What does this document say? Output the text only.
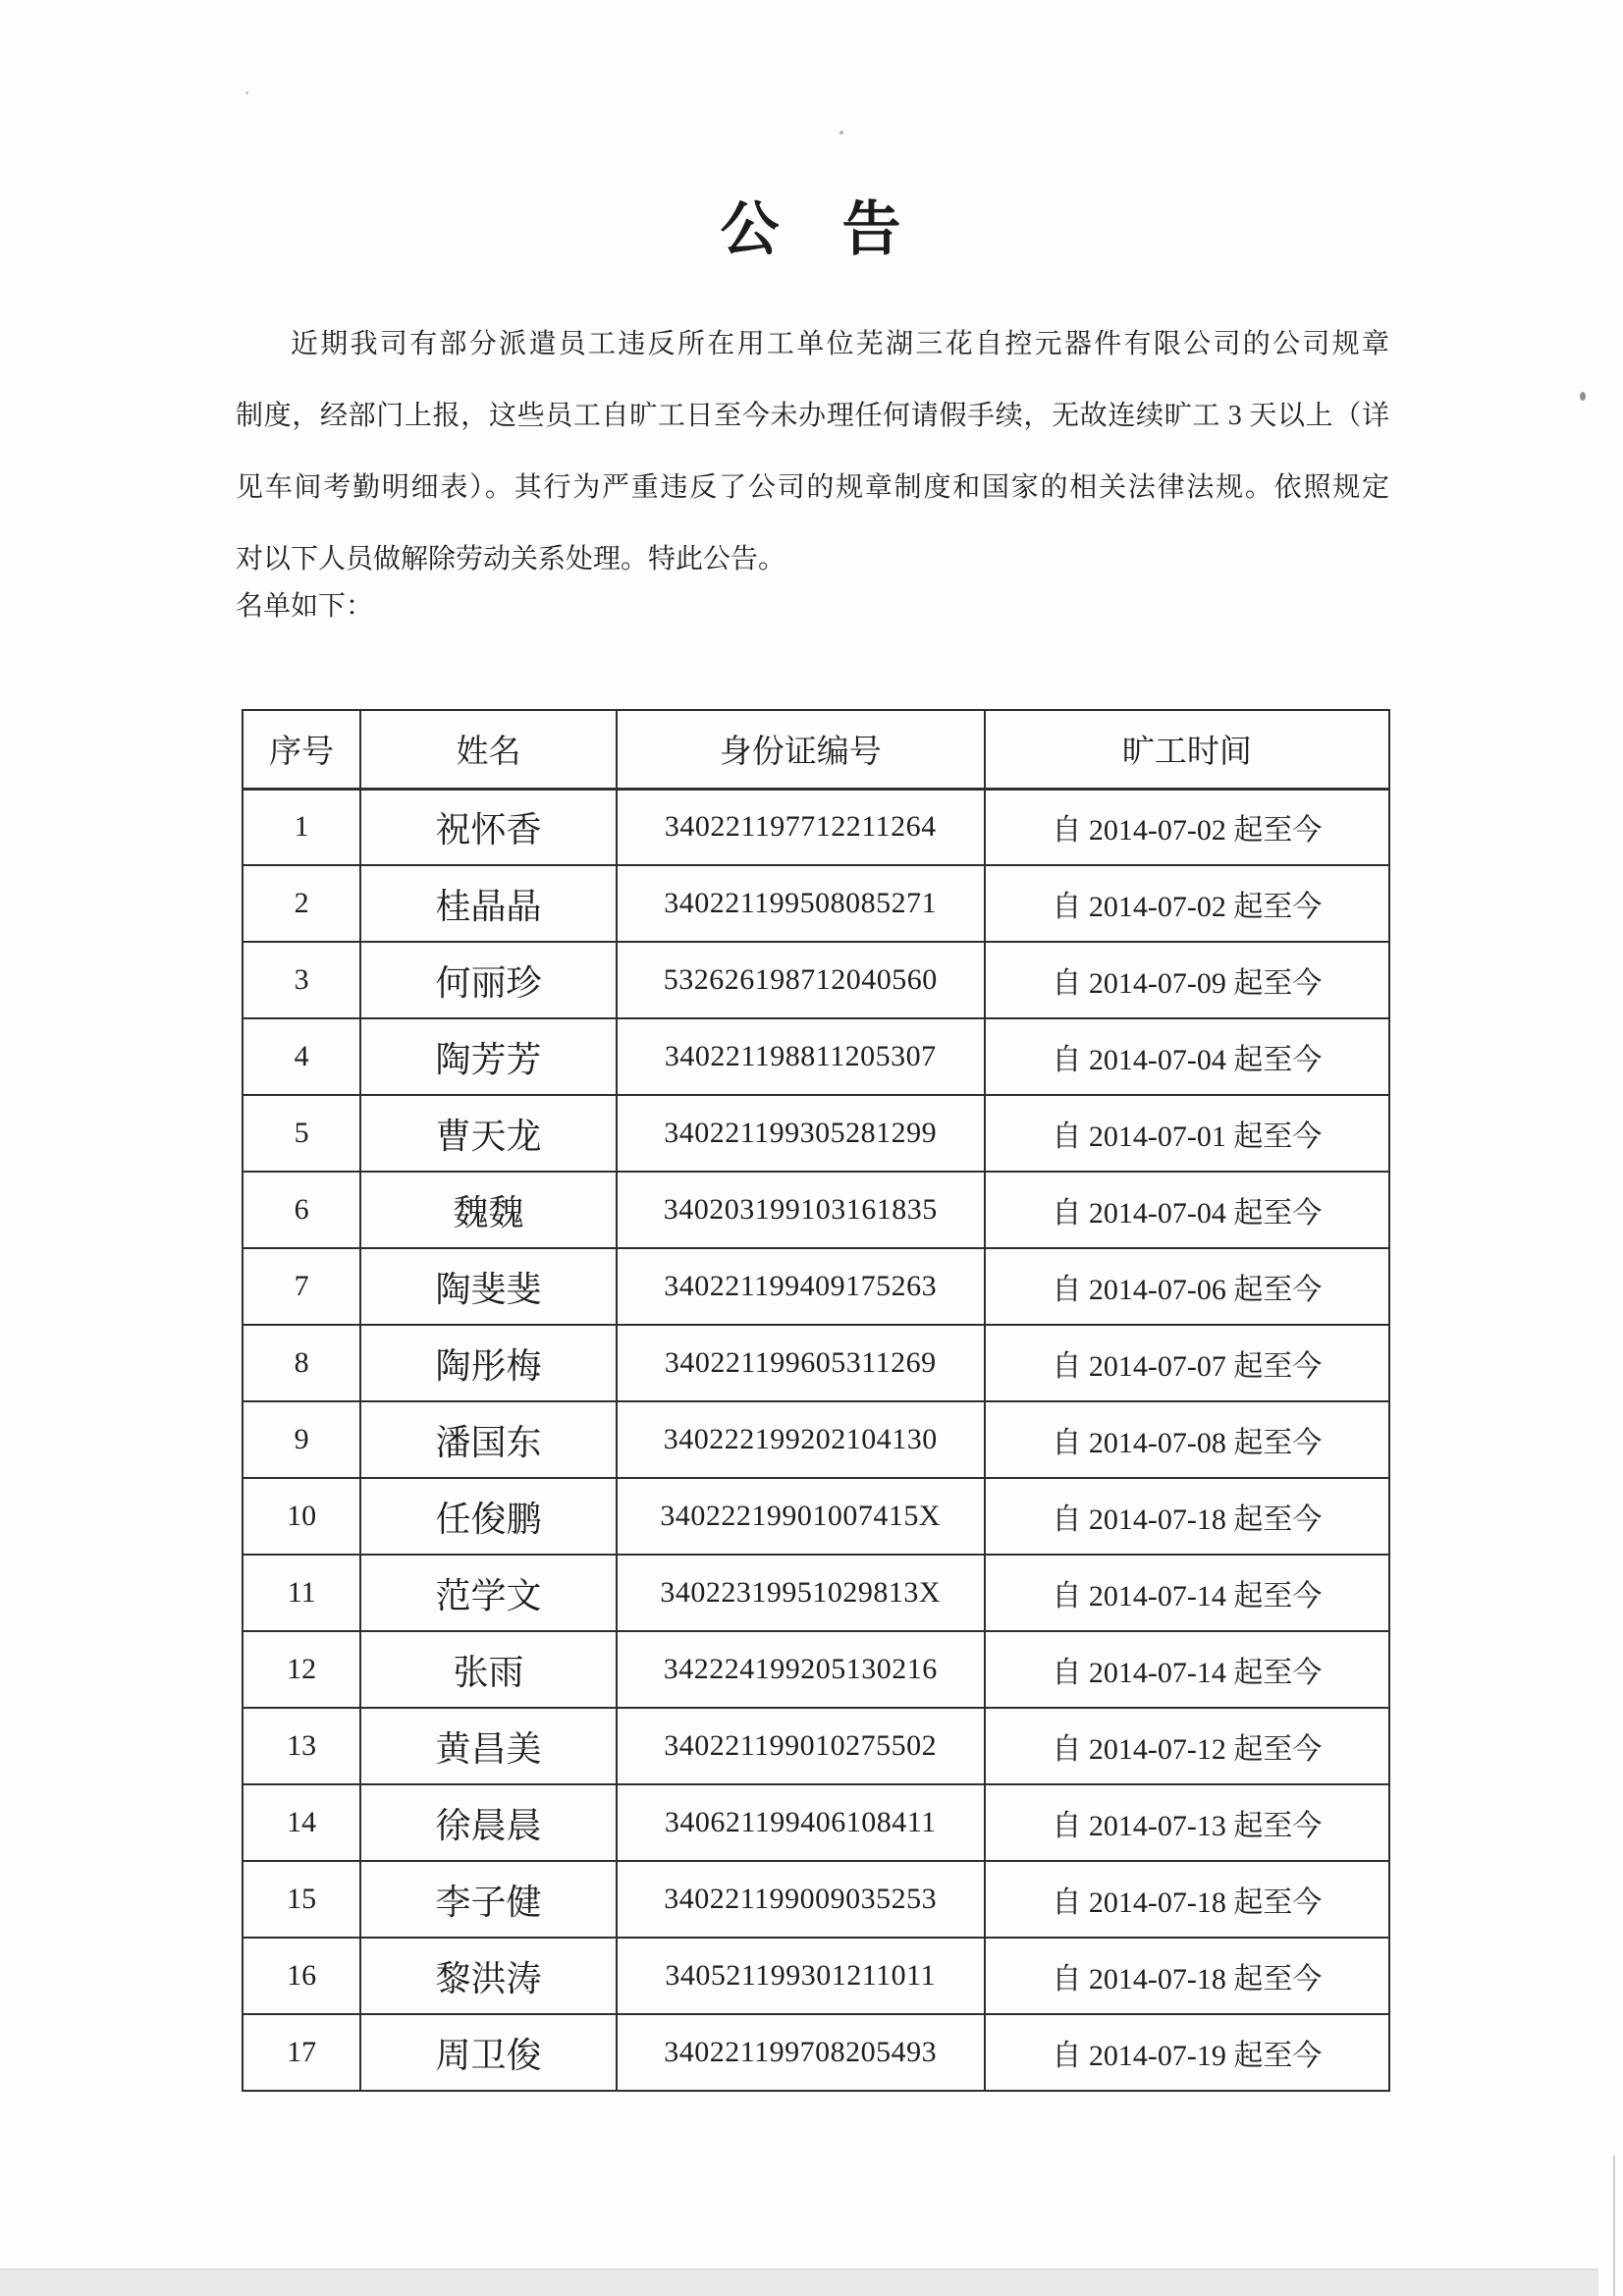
公　告
近期我司有部分派遣员工违反所在用工单位芜湖三花自控元器件有限公司的公司规章
制度，经部门上报，这些员工自旷工日至今未办理任何请假手续，无故连续旷工 3 天以上（详
见车间考勤明细表）。其行为严重违反了公司的规章制度和国家的相关法律法规。依照规定
对以下人员做解除劳动关系处理。特此公告。
名单如下：
序号	姓名	身份证编号	旷工时间
1	祝怀香	340221197712211264	自 2014-07-02 起至今
2	桂晶晶	340221199508085271	自 2014-07-02 起至今
3	何丽珍	532626198712040560	自 2014-07-09 起至今
4	陶芳芳	340221198811205307	自 2014-07-04 起至今
5	曹天龙	340221199305281299	自 2014-07-01 起至今
6	魏魏	340203199103161835	自 2014-07-04 起至今
7	陶斐斐	340221199409175263	自 2014-07-06 起至今
8	陶彤梅	340221199605311269	自 2014-07-07 起至今
9	潘国东	340222199202104130	自 2014-07-08 起至今
10	任俊鹏	34022219901007415X	自 2014-07-18 起至今
11	范学文	34022319951029813X	自 2014-07-14 起至今
12	张雨	342224199205130216	自 2014-07-14 起至今
13	黄昌美	340221199010275502	自 2014-07-12 起至今
14	徐晨晨	340621199406108411	自 2014-07-13 起至今
15	李子健	340221199009035253	自 2014-07-18 起至今
16	黎洪涛	340521199301211011	自 2014-07-18 起至今
17	周卫俊	340221199708205493	自 2014-07-19 起至今
